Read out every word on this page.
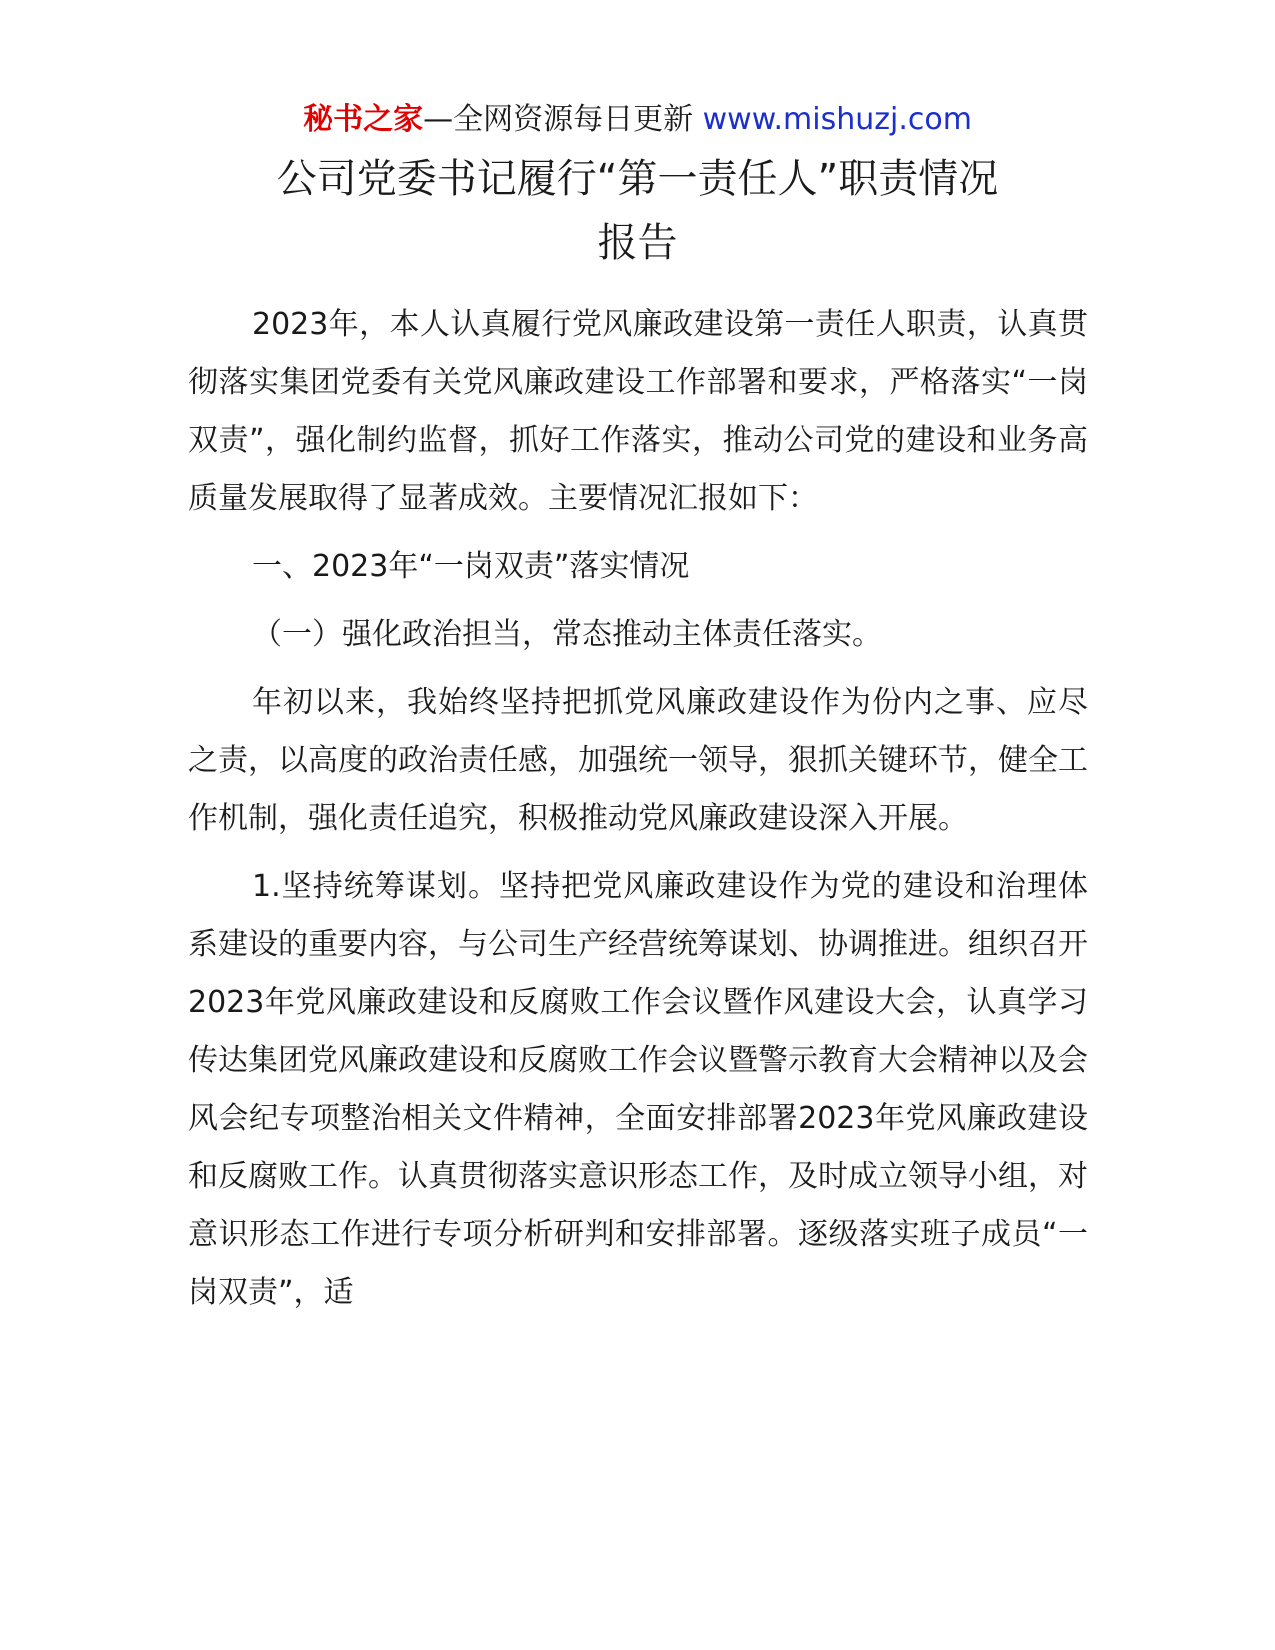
秘书之家—全网资源每日更新 www.mishuzj.com
公司党委书记履行“第一责任人”职责情况
报告

2023年，本人认真履行党风廉政建设第一责任人职责，认真贯彻落实集团党委有关党风廉政建设工作部署和要求，严格落实“一岗双责”，强化制约监督，抓好工作落实，推动公司党的建设和业务高质量发展取得了显著成效。主要情况汇报如下：

一、2023年“一岗双责”落实情况

（一）强化政治担当，常态推动主体责任落实。

年初以来，我始终坚持把抓党风廉政建设作为份内之事、应尽之责，以高度的政治责任感，加强统一领导，狠抓关键环节，健全工作机制，强化责任追究，积极推动党风廉政建设深入开展。

1.坚持统筹谋划。坚持把党风廉政建设作为党的建设和治理体系建设的重要内容，与公司生产经营统筹谋划、协调推进。组织召开2023年党风廉政建设和反腐败工作会议暨作风建设大会，认真学习传达集团党风廉政建设和反腐败工作会议暨警示教育大会精神以及会风会纪专项整治相关文件精神，全面安排部署2023年党风廉政建设和反腐败工作。认真贯彻落实意识形态工作，及时成立领导小组，对意识形态工作进行专项分析研判和安排部署。逐级落实班子成员“一岗双责”，适
